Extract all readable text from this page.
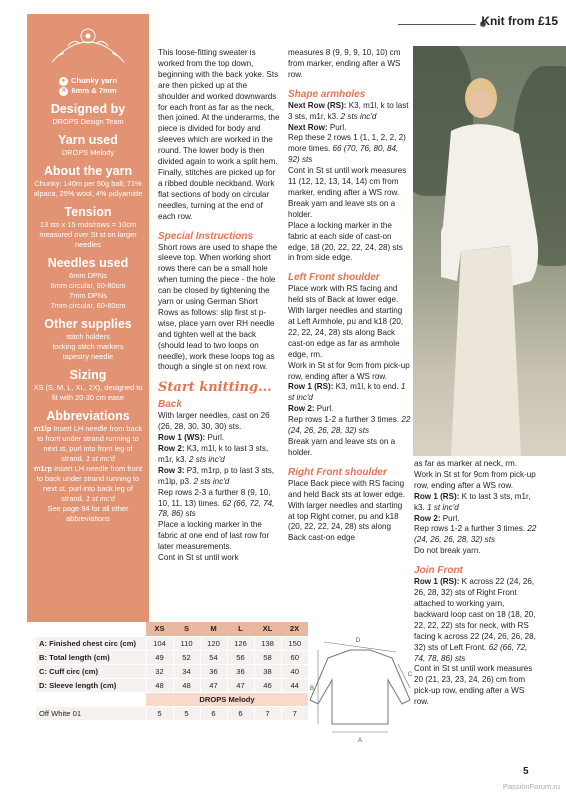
Knit from £15
● Chunky yarn
✕ 6mm & 7mm
Designed by

DROPS Design Team

Yarn used

DROPS Melody

About the yarn

Chunky; 140m per 50g ball; 71% alpaca, 25% wool, 4% polyamide

Tension

13 sts x 15 rnds/rows = 10cm measured over St st on larger needles

Needles used

6mm DPNs

6mm circular, 60-80cm

7mm DPNs

7mm circular, 60-80cm

Other supplies

stitch holders

locking stitch markers

tapestry needle

Sizing

XS (S, M, L, XL, 2X), designed to fit with 20-30 cm ease

Abbreviations
m1lp Insert LH needle from back to front under strand running to next st, purl into front leg of strand. 1 st inc'd
m1rp Insert LH needle from front to back under strand running to next st, purl into back leg of strand. 1 st inc'd
See page 94 for all other abbreviations

This loose-fitting sweater is worked from the top down, beginning with the back yoke. Sts are then picked up at the shoulder and worked downwards for each front as far as the neck, then joined. At the underarms, the piece is divided for body and sleeves which are worked in the round. The lower body is then divided again to work a split hem. Finally, stitches are picked up for a ribbed double neckband. Work flat sections of body on circular needles, turning at the end of each row.

Special Instructions

Short rows are used to shape the sleeve top. When working short rows there can be a small hole when turning the piece - the hole can be closed by tightening the yarn or using German Short Rows as follows: slip first st p-wise, place yarn over RH needle and tighten well at the back (should lead to two loops on needle), work these loops tog as though a single st on next row.

Start knitting...
Back

With larger needles, cast on 26 (26, 28, 30, 30, 30) sts.

Row 1 (WS): Purl.

Row 2: K3, m1l, k to last 3 sts, m1r, k3. 2 sts inc'd

Row 3: P3, m1rp, p to last 3 sts, m1lp, p3. 2 sts inc'd

Rep rows 2-3 a further 8 (9, 10, 10, 11, 13) times. 62 (66, 72, 74, 78, 86) sts

Place a locking marker in the fabric at one end of last row for later measurements.

Cont in St st until work

measures 8 (9, 9, 9, 10, 10) cm from marker, ending after a WS row.

Shape armholes

Next Row (RS): K3, m1l, k to last 3 sts, m1r, k3. 2 sts inc'd

Next Row: Purl.

Rep these 2 rows 1 (1, 1, 2, 2, 2) more times. 66 (70, 76, 80, 84, 92) sts

Cont in St st until work measures 11 (12, 12, 13, 14, 14) cm from marker, ending after a WS row.

Break yarn and leave sts on a holder.

Place a locking marker in the fabric at each side of cast-on edge, 18 (20, 22, 22, 24, 28) sts in from side edge.

Left Front shoulder

Place work with RS facing and held sts of Back at lower edge. With larger needles and starting at Left Armhole, pu and k18 (20, 22, 22, 24, 28) sts along Back cast-on edge as far as armhole edge, rm.

Work in St st for 9cm from pick-up row, ending after a WS row.

Row 1 (RS): K3, m1l, k to end. 1 st inc'd

Row 2: Purl.

Rep rows 1-2 a further 3 times. 22 (24, 26, 26, 28, 32) sts

Break yarn and leave sts on a holder.

Right Front shoulder

Place Back piece with RS facing and held Back sts at lower edge. With larger needles and starting at top Right corner, pu and k18 (20, 22, 22, 24, 28) sts along Back cast-on edge

as far as marker at neck, rm.

Work in St st for 9cm from pick-up row, ending after a WS row.

Row 1 (RS): K to last 3 sts, m1r, k3. 1 st inc'd

Row 2: Purl.

Rep rows 1-2 a further 3 times. 22 (24, 26, 26, 28, 32) sts

Do not break yarn.

Join Front

Row 1 (RS): K across 22 (24, 26, 26, 28, 32) sts of Right Front attached to working yarn, backward loop cast on 18 (18, 20, 22, 22, 22) sts for neck, with RS facing k across 22 (24, 26, 26, 28, 32) sts of Left Front. 62 (66, 72, 74, 78, 86) sts

Cont in St st until work measures 20 (21, 23, 23, 24, 26) cm from pick-up row, ending after a WS row.

	XS	S	M	L	XL	2X
A: Finished chest circ (cm)	104	110	120	126	138	150
B: Total length (cm)	49	52	54	56	58	60
C: Cuff circ (cm)	32	34	36	36	38	40
D: Sleeve length (cm)	48	48	47	47	46	44
	DROPS Melody					
Off White 01	5	5	6	6	7	7
D
C
B
A
5
PassionForum.ru
